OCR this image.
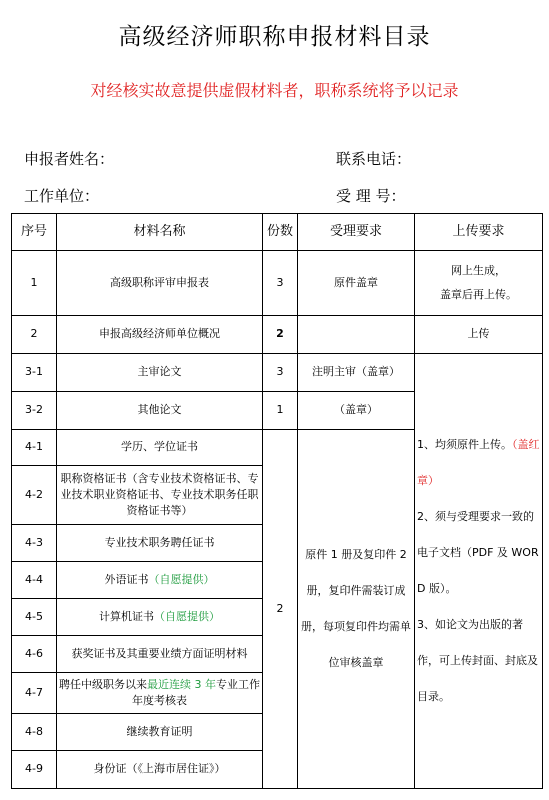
高级经济师职称申报材料目录
对经核实故意提供虚假材料者，职称系统将予以记录
申报者姓名：	联系电话：
工作单位：	受 理 号：
序号	材料名称	份数	受理要求	上传要求
1	高级职称评审申报表	3	原件盖章	网上生成，
盖章后再上传。
2	申报高级经济师单位概况	2		上传
3-1	主审论文	3	注明主审（盖章）	1、均须原件上传。（盖红章）
2、须与受理要求一致的电子文档（PDF 及 WORD 版）。
3、如论文为出版的著作，可上传封面、封底及目录。
3-2	其他论文	1	（盖章）	
4-1	学历、学位证书	2	原件 1 册及复印件 2 册，复印件需装订成册，每项复印件均需单位审核盖章	
4-2	职称资格证书（含专业技术资格证书、专业技术职业资格证书、专业技术职务任职资格证书等）			
4-3	专业技术职务聘任证书			
4-4	外语证书（自愿提供）			
4-5	计算机证书（自愿提供）			
4-6	获奖证书及其重要业绩方面证明材料			
4-7	聘任中级职务以来最近连续 3 年专业工作年度考核表			
4-8	继续教育证明			
4-9	身份证（《上海市居住证》）			
